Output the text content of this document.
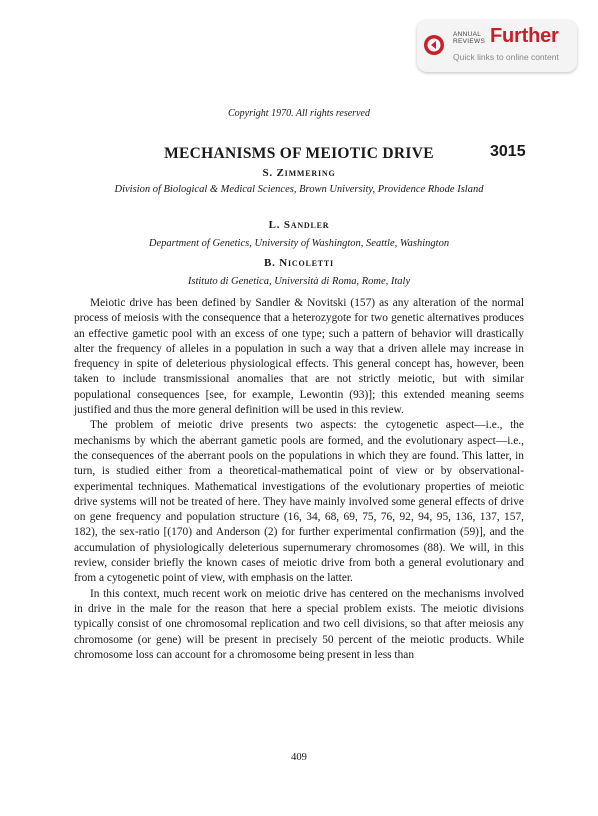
ANNUAL
REVIEWS Further
Quick links to online content
Copyright 1970. All rights reserved
MECHANISMS OF MEIOTIC DRIVE	3015
S. Zimmering
Division of Biological & Medical Sciences, Brown University, Providence Rhode Island
L. Sandler
Department of Genetics, University of Washington, Seattle, Washington
B. Nicoletti
Istituto di Genetica, Università di Roma, Rome, Italy

Meiotic drive has been defined by Sandler & Novitski (157) as any alteration of the normal process of meiosis with the consequence that a heterozygote for two genetic alternatives produces an effective gametic pool with an excess of one type; such a pattern of behavior will drastically alter the frequency of alleles in a population in such a way that a driven allele may increase in frequency in spite of deleterious physiological effects. This general concept has, however, been taken to include transmissional anomalies that are not strictly meiotic, but with similar populational consequences [see, for example, Lewontin (93)]; this extended meaning seems justified and thus the more general definition will be used in this review.

The problem of meiotic drive presents two aspects: the cytogenetic aspect—i.e., the mechanisms by which the aberrant gametic pools are formed, and the evolutionary aspect—i.e., the consequences of the aberrant pools on the populations in which they are found. This latter, in turn, is studied either from a theoretical-mathematical point of view or by observational-experimental techniques. Mathematical investigations of the evolutionary properties of meiotic drive systems will not be treated of here. They have mainly involved some general effects of drive on gene frequency and population structure (16, 34, 68, 69, 75, 76, 92, 94, 95, 136, 137, 157, 182), the sex-ratio [(170) and Anderson (2) for further experimental confirmation (59)], and the accumulation of physiologically deleterious supernumerary chromosomes (88). We will, in this review, consider briefly the known cases of meiotic drive from both a general evolutionary and from a cytogenetic point of view, with emphasis on the latter.

In this context, much recent work on meiotic drive has centered on the mechanisms involved in drive in the male for the reason that here a special problem exists. The meiotic divisions typically consist of one chromosomal replication and two cell divisions, so that after meiosis any chromosome (or gene) will be present in precisely 50 percent of the meiotic products. While chromosome loss can account for a chromosome being present in less than

409
